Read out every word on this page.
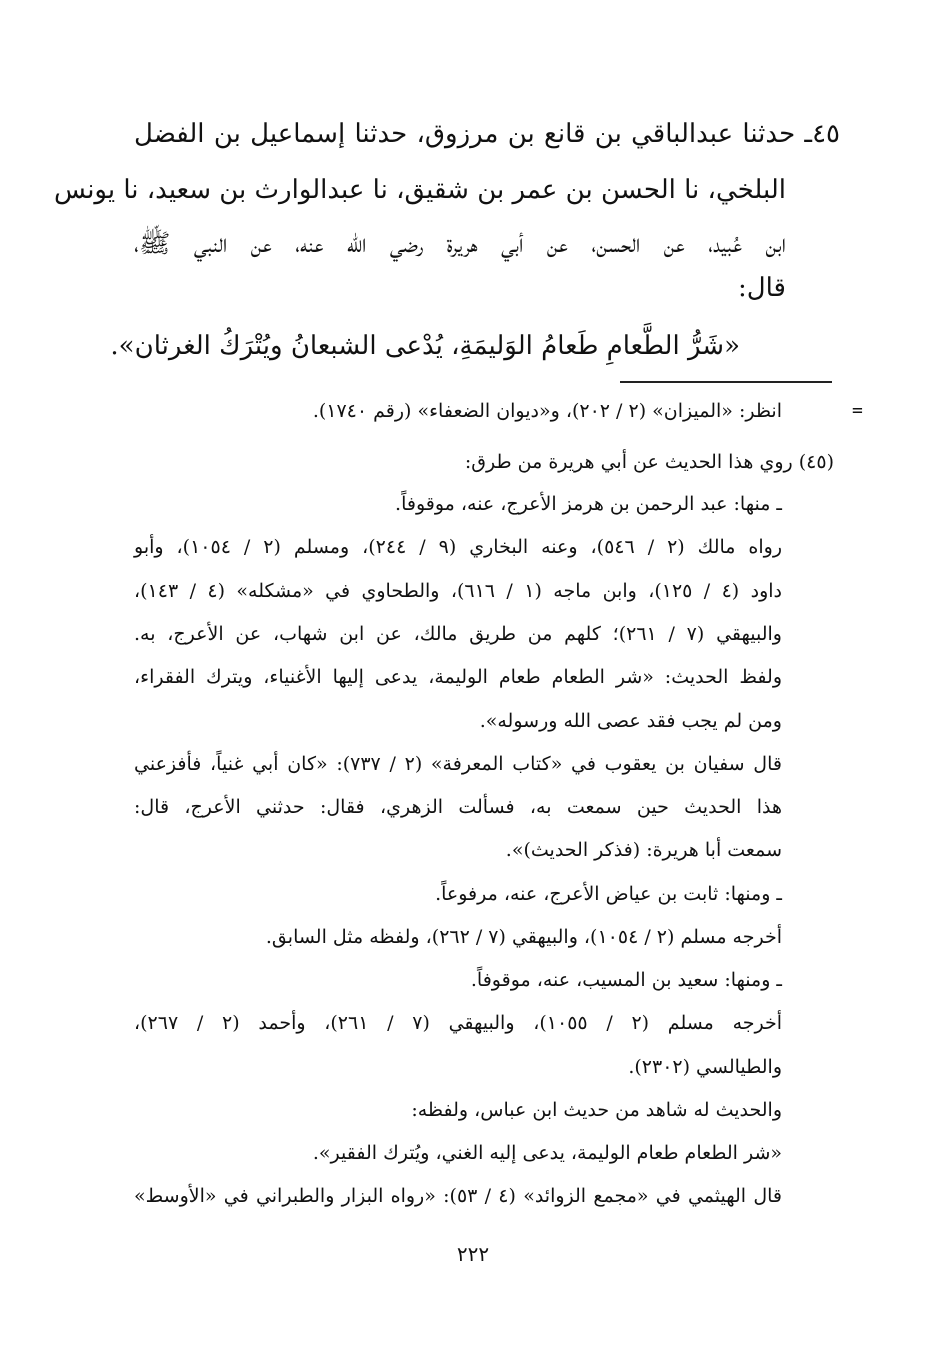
٤٥ـ حدثنا عبدالباقي بن قانع بن مرزوق، حدثنا إسماعيل بن الفضل
البلخي، نا الحسن بن عمر بن شقيق، نا عبدالوارث بن سعيد، نا يونس
ابن عُبيد، عن الحسن، عن أبي هريرة رضي الله عنه، عن النبي ﷺ،
قال:
«شَرُّ الطَّعامِ طَعامُ الوَليمَةِ، يُدْعى الشبعانُ ويُتْرَكُ الغرثان».
=
انظر: «الميزان» (٢ / ٢٠٢)، و«ديوان الضعفاء» (رقم ١٧٤٠).
(٤٥) روي هذا الحديث عن أبي هريرة من طرق:
ـ منها: عبد الرحمن بن هرمز الأعرج، عنه، موقوفاً.
رواه مالك (٢ / ٥٤٦)، وعنه البخاري (٩ / ٢٤٤)، ومسلم (٢ / ١٠٥٤)، وأبو
داود (٤ / ١٢٥)، وابن ماجه (١ / ٦١٦)، والطحاوي في «مشكله» (٤ / ١٤٣)،
والبيهقي (٧ / ٢٦١)؛ كلهم من طريق مالك، عن ابن شهاب، عن الأعرج، به.
ولفظ الحديث: «شر الطعام طعام الوليمة، يدعى إليها الأغنياء، ويترك الفقراء،
ومن لم يجب فقد عصى الله ورسوله».
قال سفيان بن يعقوب في «كتاب المعرفة» (٢ / ٧٣٧): «كان أبي غنياً، فأفزعني
هذا الحديث حين سمعت به، فسألت الزهري، فقال: حدثني الأعرج، قال:
سمعت أبا هريرة: (فذكر الحديث)».
ـ ومنها: ثابت بن عياض الأعرج، عنه، مرفوعاً.
أخرجه مسلم (٢ / ١٠٥٤)، والبيهقي (٧ / ٢٦٢)، ولفظه مثل السابق.
ـ ومنها: سعيد بن المسيب، عنه، موقوفاً.
أخرجه مسلم (٢ / ١٠٥٥)، والبيهقي (٧ / ٢٦١)، وأحمد (٢ / ٢٦٧)،
والطيالسي (٢٣٠٢).
والحديث له شاهد من حديث ابن عباس، ولفظه:
«شر الطعام طعام الوليمة، يدعى إليه الغني، ويُترك الفقير».
قال الهيثمي في «مجمع الزوائد» (٤ / ٥٣): «رواه البزار والطبراني في «الأوسط»
٢٢٢
